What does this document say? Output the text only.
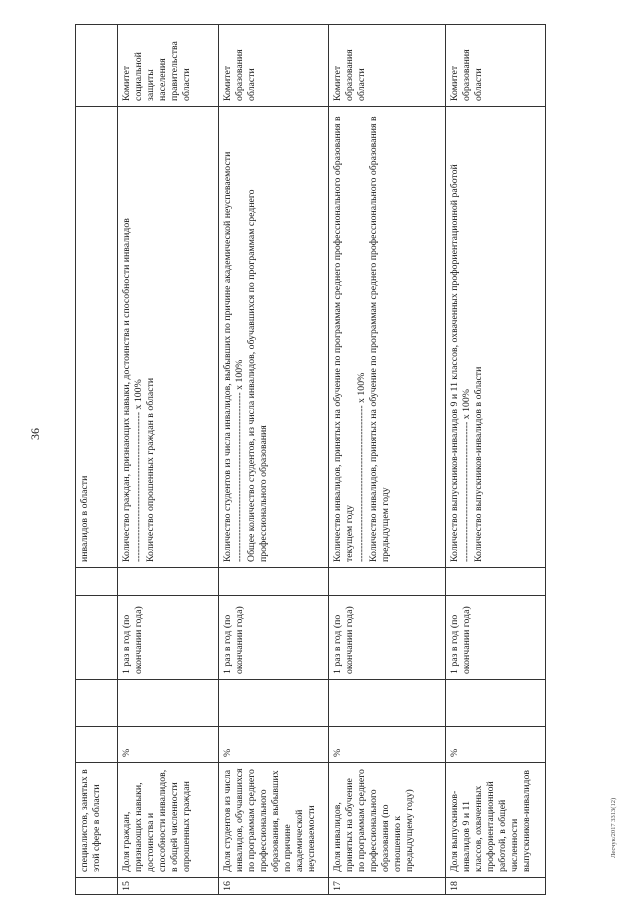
36
Лесчук/2017 3313(12)
	специалистов, занятых в этой сфере в области					инвалидов в области	
15	Доля граждан, признающих навыки, достоинства и способности инвалидов, в общей численности опрошенных граждан	%		1 раз в год (по окончании года)		Количество граждан, признающих навыки, достоинства и способности инвалидов ---------------------------------------------- х 100% Количество опрошенных граждан в области	Комитет социальной защиты населения правительства области
16	Доля студентов из числа инвалидов, обучавшихся по программам среднего профессионального образования, выбывших по причине академической неуспеваемости	%		1 раз в год (по окончании года)		Количество студентов из числа инвалидов, выбывших по причине академической неуспеваемости ---------------------------------------------------- х 100% Общее количество студентов, из числа инвалидов, обучавшихся по программам среднего профессионального образования	Комитет образования области
17	Доля инвалидов, принятых на обучение по программам среднего профессионального образования (по отношению к предыдущему году)	%		1 раз в год (по окончании года)		Количество инвалидов, принятых на обучение по программам среднего профессионального образования в текущем году ------------------------------------------------ х 100% Количество инвалидов, принятых на обучение по программам среднего профессионального образования в предыдущем году	Комитет образования области
18	Доля выпускников-инвалидов 9 и 11 классов, охваченных профориентационной работой, в общей численности выпускников-инвалидов	%		1 раз в год (по окончании года)		Количество выпускников-инвалидов 9 и 11 классов, охваченных профориентационной работой ------------------------------------------- х 100% Количество выпускников-инвалидов в области	Комитет образования области
